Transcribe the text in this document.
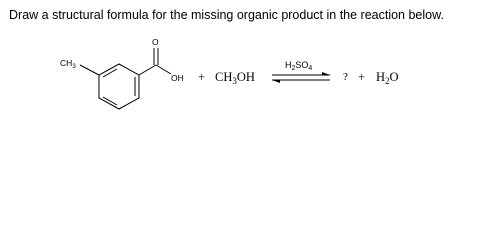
Draw a structural formula for the missing organic product in the reaction below.
$CH_3$
O
OH + $CH_3OH$
$H_2SO_4$
? + $H_2O$
